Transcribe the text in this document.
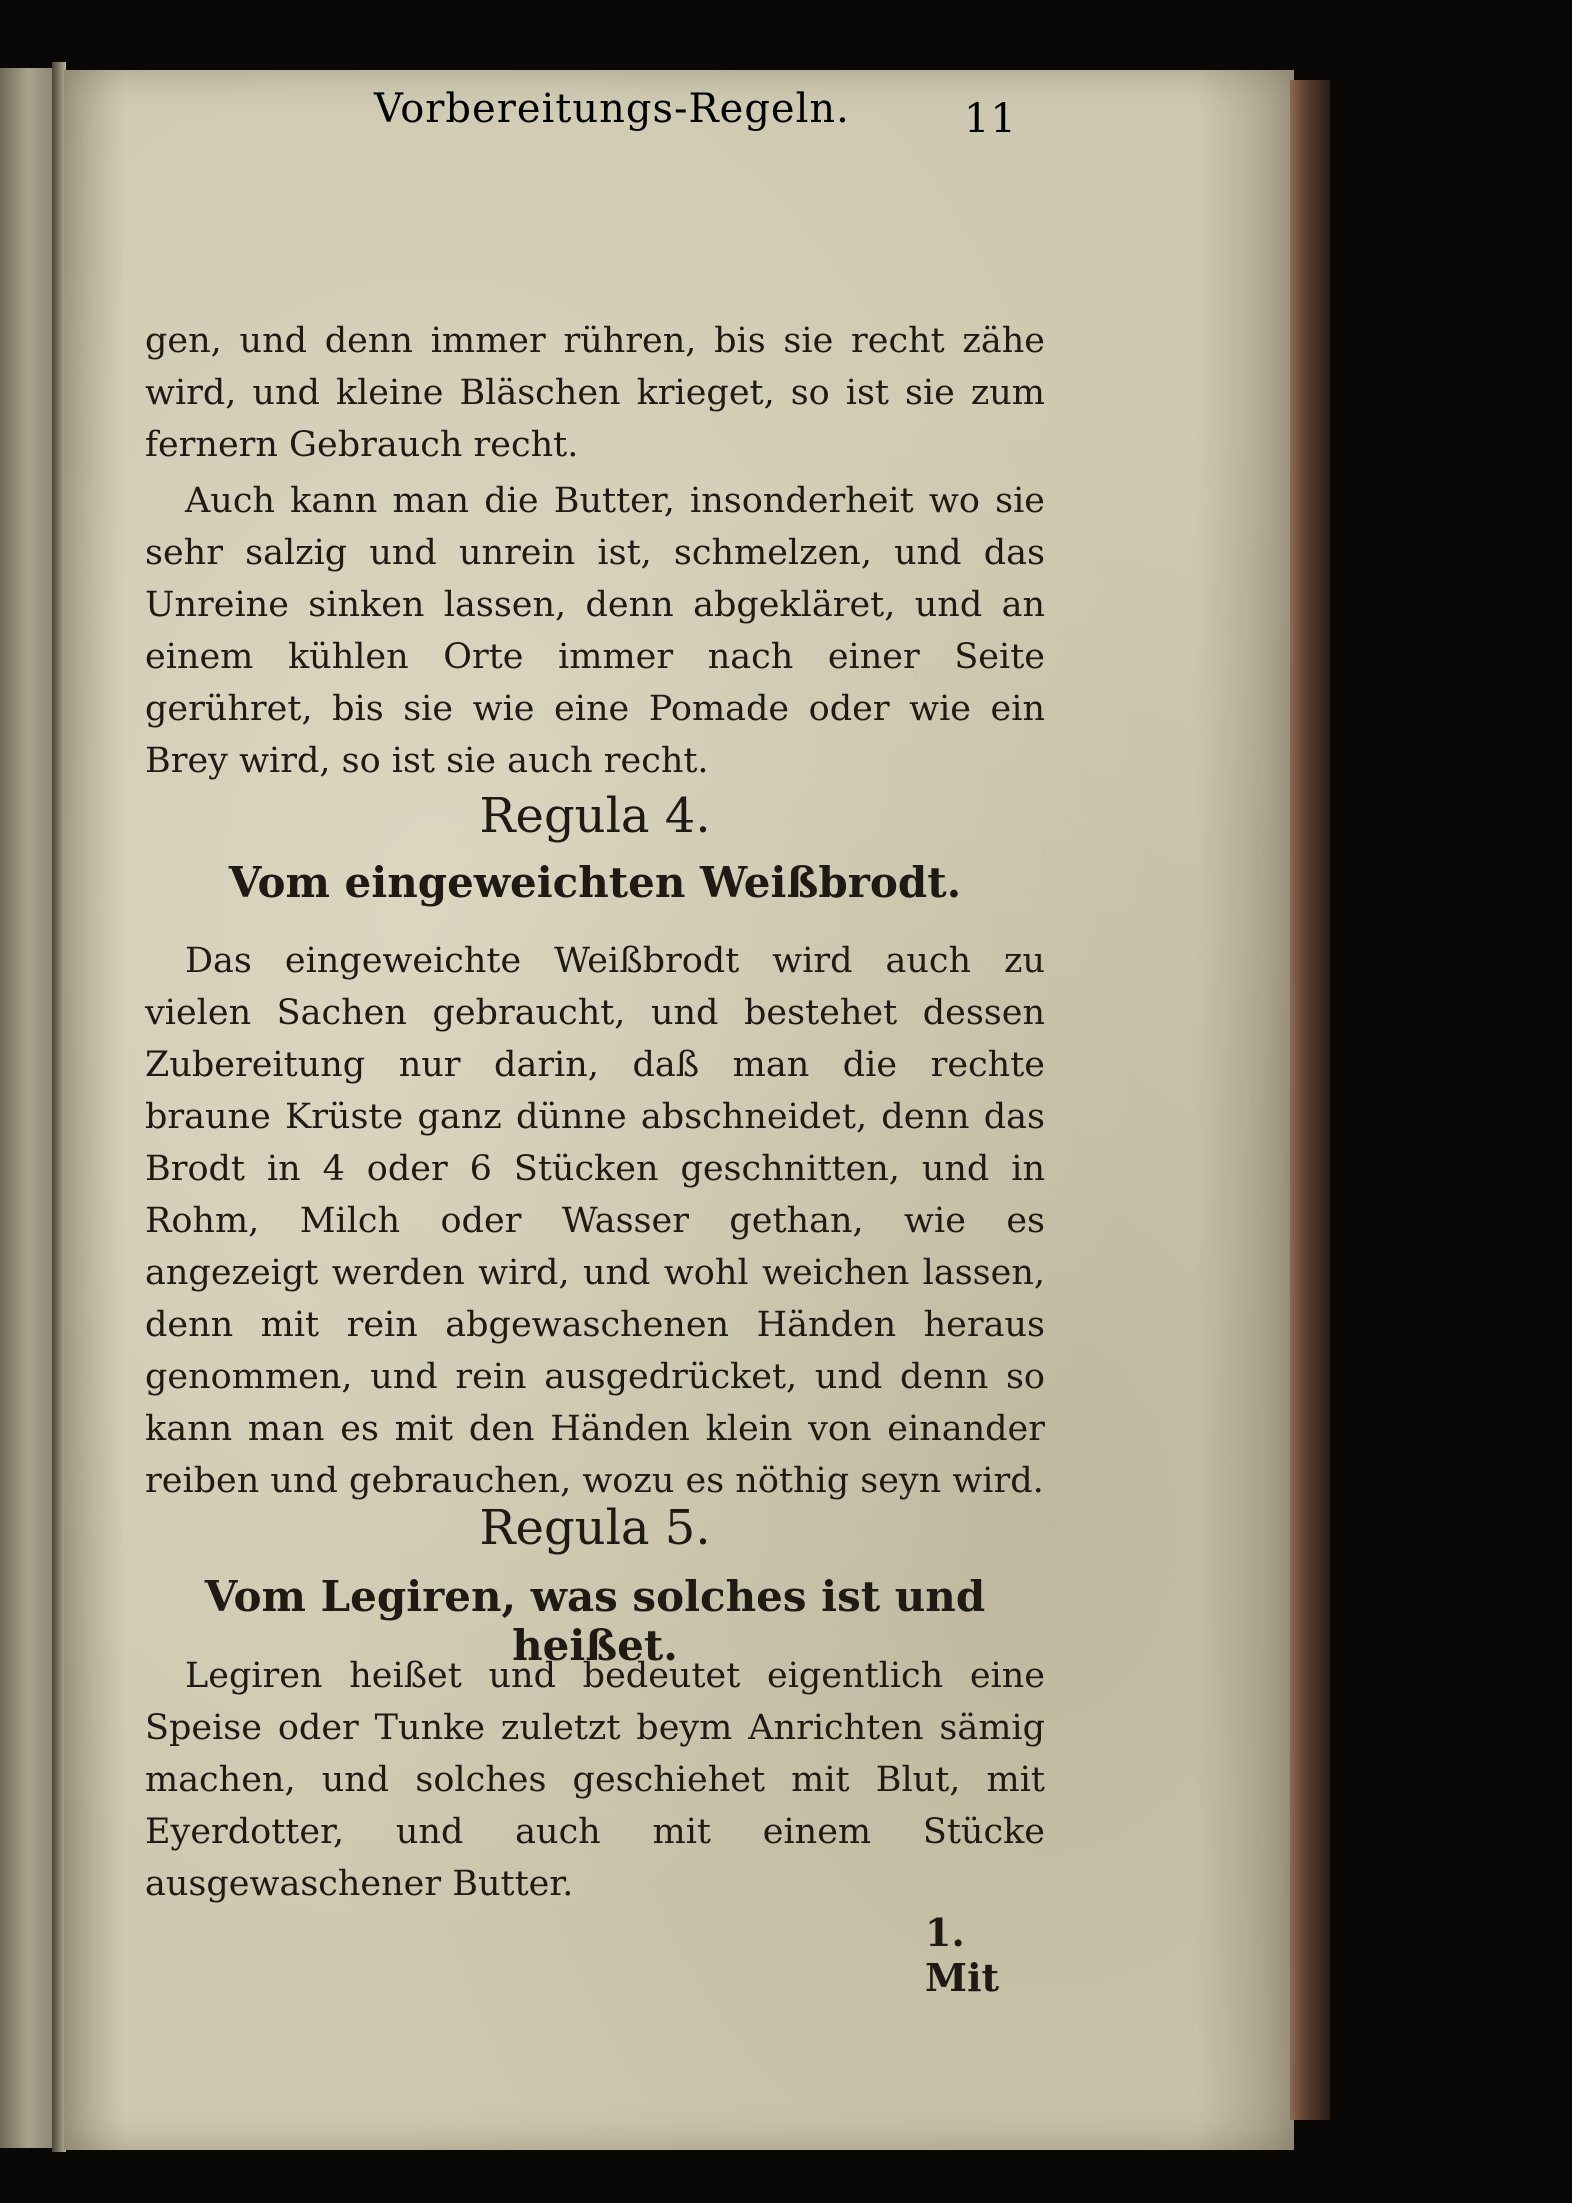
Vorbereitungs-Regeln.	11

gen, und denn immer rühren, bis sie recht zähe wird, und kleine Bläschen krieget, so ist sie zum fernern Gebrauch recht.

Auch kann man die Butter, insonderheit wo sie sehr salzig und unrein ist, schmelzen, und das Unreine sinken lassen, denn abgekläret, und an einem kühlen Orte immer nach einer Seite gerühret, bis sie wie eine Pomade oder wie ein Brey wird, so ist sie auch recht.

Regula 4.
Vom eingeweichten Weißbrodt.

Das eingeweichte Weißbrodt wird auch zu vielen Sachen gebraucht, und bestehet dessen Zubereitung nur darin, daß man die rechte braune Krüste ganz dünne abschneidet, denn das Brodt in 4 oder 6 Stücken geschnitten, und in Rohm, Milch oder Wasser gethan, wie es angezeigt werden wird, und wohl weichen lassen, denn mit rein abgewaschenen Händen heraus genommen, und rein ausgedrücket, und denn so kann man es mit den Händen klein von einander reiben und gebrauchen, wozu es nöthig seyn wird.

Regula 5.
Vom Legiren, was solches ist und heißet.

Legiren heißet und bedeutet eigentlich eine Speise oder Tunke zuletzt beym Anrichten sämig machen, und solches geschiehet mit Blut, mit Eyerdotter, und auch mit einem Stücke ausgewaschener Butter.

1. Mit
